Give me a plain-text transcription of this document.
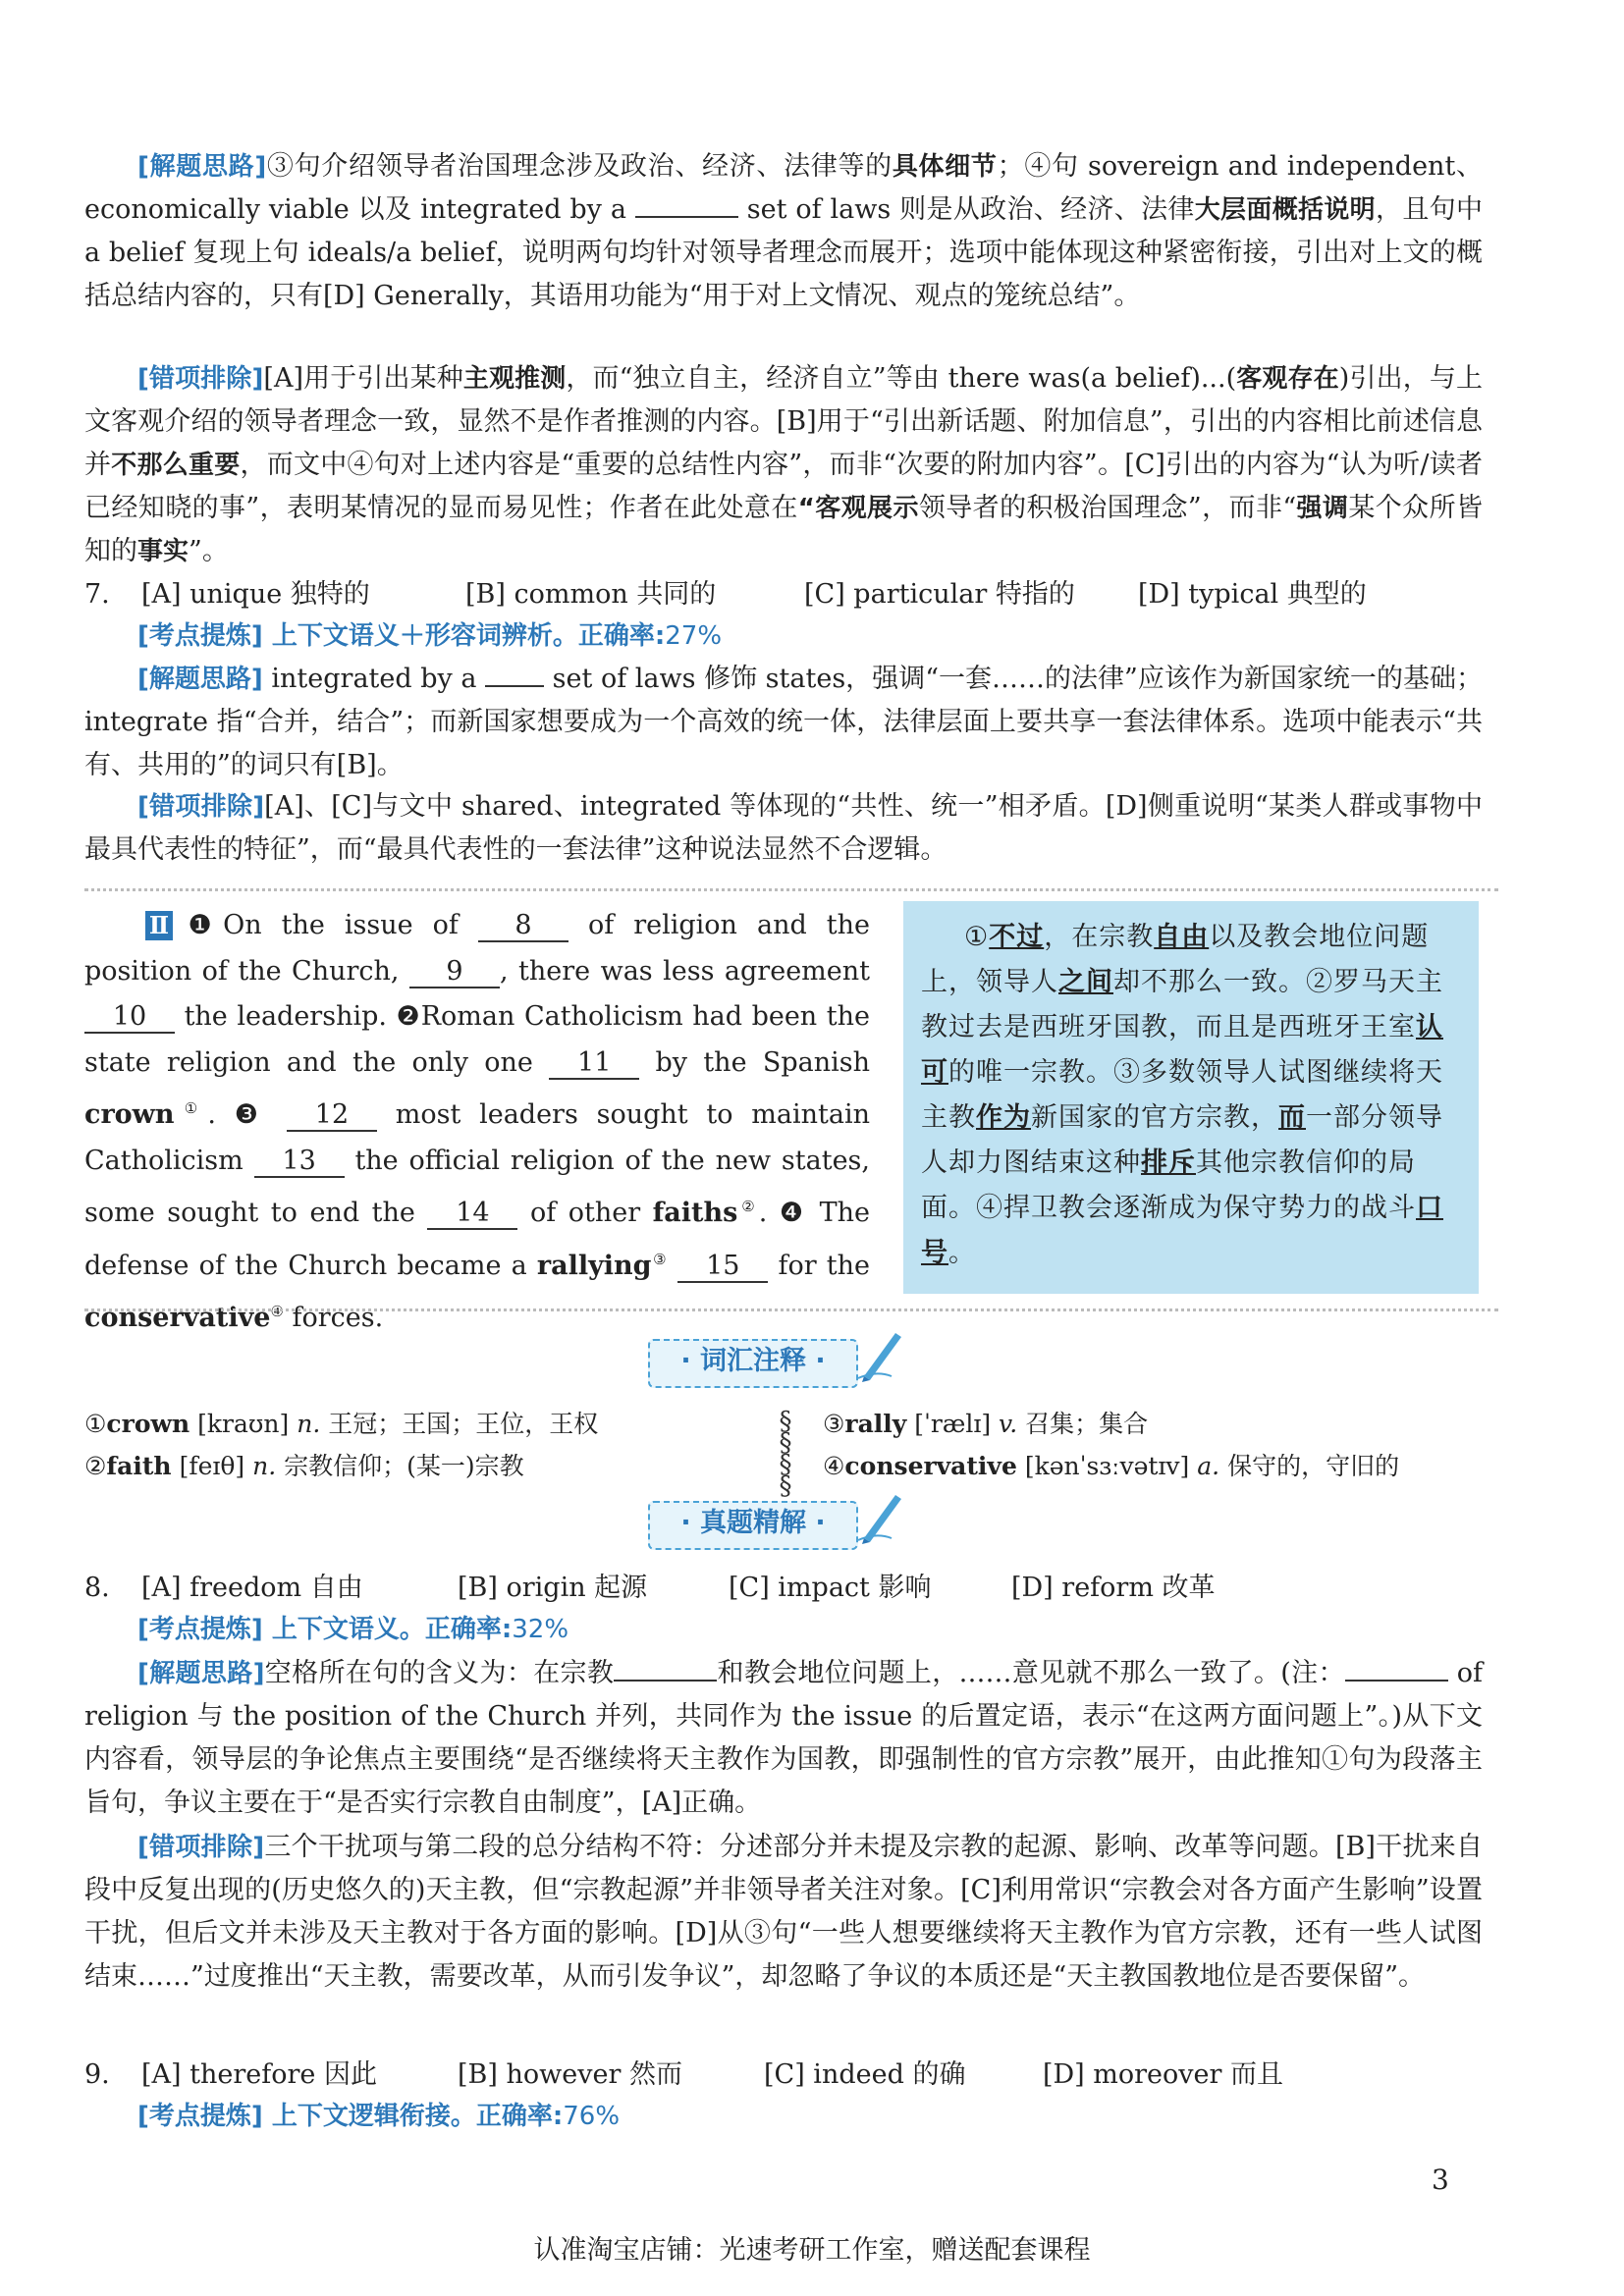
[解题思路]③句介绍领导者治国理念涉及政治、经济、法律等的具体细节；④句 sovereign and independent、economically viable 以及 integrated by a	set of laws 则是从政治、经济、法律大层面概括说明，且句中 a belief 复现上句 ideals/a belief，说明两句均针对领导者理念而展开；选项中能体现这种紧密衔接，引出对上文的概括总结内容的，只有[D] Generally，其语用功能为“用于对上文情况、观点的笼统总结”。
[错项排除][A]用于引出某种主观推测，而“独立自主，经济自立”等由 there was(a belief)...(客观存在)引出，与上文客观介绍的领导者理念一致，显然不是作者推测的内容。[B]用于“引出新话题、附加信息”，引出的内容相比前述信息并不那么重要，而文中④句对上述内容是“重要的总结性内容”，而非“次要的附加内容”。[C]引出的内容为“认为听/读者已经知晓的事”，表明某情况的显而易见性；作者在此处意在“客观展示领导者的积极治国理念”，而非“强调某个众所皆知的事实”。
7. [A] unique 独特的	[B] common 共同的	[C] particular 特指的 [D] typical 典型的
[考点提炼] 上下文语义＋形容词辨析。正确率:27%
[解题思路] integrated by a	set of laws 修饰 states，强调“一套……的法律”应该作为新国家统一的基础；integrate 指“合并，结合”；而新国家想要成为一个高效的统一体，法律层面上要共享一套法律体系。选项中能表示“共有、共用的”的词只有[B]。
[错项排除][A]、[C]与文中 shared、integrated 等体现的“共性、统一”相矛盾。[D]侧重说明“某类人群或事物中最具代表性的特征”，而“最具代表性的一套法律”这种说法显然不合逻辑。
Ⅱ ❶On the issue of 8 of religion and the position of the Church, 9 , there was less agreement 10 the leadership. ❷Roman Catholicism had been the state religion and the only one 11 by the Spanish crown①. ❸ 12 most leaders sought to maintain Catholicism 13 the official religion of the new states, some sought to end the 14 of other faiths②. ❹ The defense of the Church became a rallying③ 15 for the conservative④ forces.
①不过，在宗教自由以及教会地位问题上，领导人之间却不那么一致。②罗马天主教过去是西班牙国教，而且是西班牙王室认可的唯一宗教。③多数领导人试图继续将天主教作为新国家的官方宗教，而一部分领导人却力图结束这种排斥其他宗教信仰的局面。④捍卫教会逐渐成为保守势力的战斗口号。
· 词汇注释 ·
①crown [kraʊn] n. 王冠；王国；王位，王权
②faith [feɪθ] n. 宗教信仰；(某一)宗教
§
§
§
§
③rally [ˈrælɪ] v. 召集；集合
④conservative [kənˈsɜːvətɪv] a. 保守的，守旧的
· 真题精解 ·
8. [A] freedom 自由	[B] origin 起源	[C] impact 影响	[D] reform 改革
[考点提炼] 上下文语义。正确率:32%
[解题思路]空格所在句的含义为：在宗教	和教会地位问题上，……意见就不那么一致了。(注：	of religion 与 the position of the Church 并列，共同作为 the issue 的后置定语，表示“在这两方面问题上”。)从下文内容看，领导层的争论焦点主要围绕“是否继续将天主教作为国教，即强制性的官方宗教”展开，由此推知①句为段落主旨句，争议主要在于“是否实行宗教自由制度”，[A]正确。
[错项排除]三个干扰项与第二段的总分结构不符：分述部分并未提及宗教的起源、影响、改革等问题。[B]干扰来自段中反复出现的(历史悠久的)天主教，但“宗教起源”并非领导者关注对象。[C]利用常识“宗教会对各方面产生影响”设置干扰，但后文并未涉及天主教对于各方面的影响。[D]从③句“一些人想要继续将天主教作为官方宗教，还有一些人试图结束……”过度推出“天主教，需要改革，从而引发争议”，却忽略了争议的本质还是“天主教国教地位是否要保留”。
9. [A] therefore 因此	[B] however 然而	[C] indeed 的确	[D] moreover 而且
[考点提炼] 上下文逻辑衔接。正确率:76%
3
认准淘宝店铺：光速考研工作室，赠送配套课程
